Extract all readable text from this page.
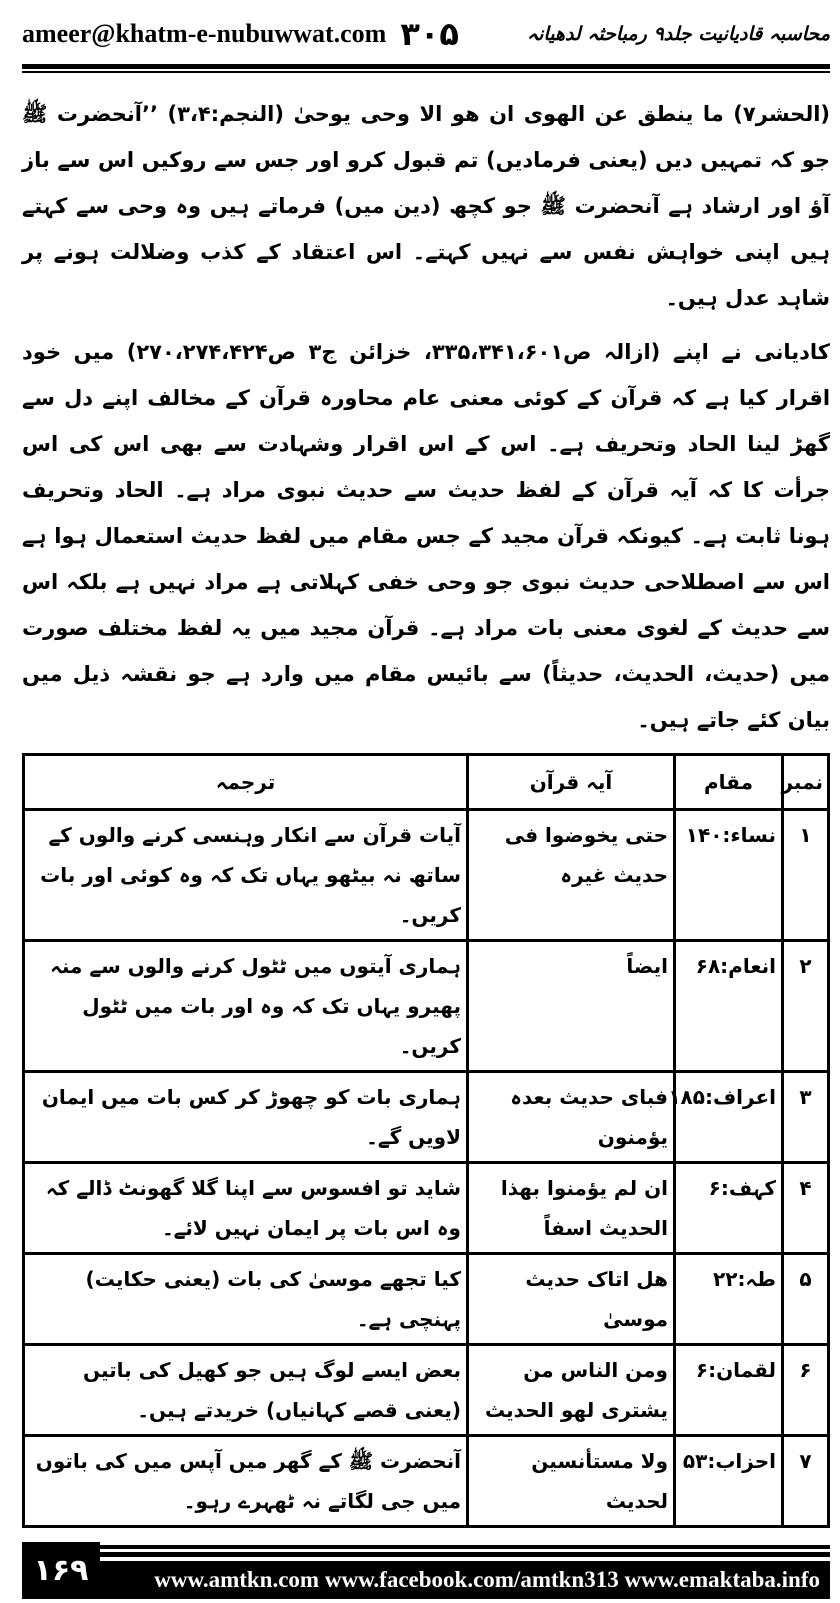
ameer@khatm-e-nubuwwat.com ۳۰۵	محاسبہ قادیانیت جلد۹ رمباحثہ لدھیانہ
(الحشر۷) ما ینطق عن الھوی ان ھو الا وحی یوحیٰ (النجم:۳،۴) ’’آنحضرت ﷺ جو کہ تمہیں دیں (یعنی فرمادیں) تم قبول کرو اور جس سے روکیں اس سے باز آؤ اور ارشاد ہے آنحضرت ﷺ جو کچھ (دین میں) فرماتے ہیں وہ وحی سے کہتے ہیں اپنی خواہش نفس سے نہیں کہتے۔ اس اعتقاد کے کذب وضلالت ہونے پر شاہد عدل ہیں۔
کادیانی نے اپنے (ازالہ ص۳۳۵،۳۴۱،۶۰۱، خزائن ج۳ ص۲۷۰،۲۷۴،۴۲۴) میں خود اقرار کیا ہے کہ قرآن کے کوئی معنی عام محاورہ قرآن کے مخالف اپنے دل سے گھڑ لینا الحاد وتحریف ہے۔ اس کے اس اقرار وشہادت سے بھی اس کی اس جرأت کا کہ آیہ قرآن کے لفظ حدیث سے حدیث نبوی مراد ہے۔ الحاد وتحریف ہونا ثابت ہے۔ کیونکہ قرآن مجید کے جس مقام میں لفظ حدیث استعمال ہوا ہے اس سے اصطلاحی حدیث نبوی جو وحی خفی کہلاتی ہے مراد نہیں ہے بلکہ اس سے حدیث کے لغوی معنی بات مراد ہے۔ قرآن مجید میں یہ لفظ مختلف صورت میں (حدیث، الحدیث، حدیثاً) سے بائیس مقام میں وارد ہے جو نقشہ ذیل میں بیان کئے جاتے ہیں۔
نمبر	مقام	آیہ قرآن	ترجمہ
۱	نساء:۱۴۰	حتی یخوضوا فی حدیث غیرہ	آیات قرآن سے انکار وہنسی کرنے والوں کے ساتھ نہ بیٹھو یہاں تک کہ وہ کوئی اور بات کریں۔
۲	انعام:۶۸	ایضاً	ہماری آیتوں میں ٹٹول کرنے والوں سے منہ پھیرو یہاں تک کہ وہ اور بات میں ٹٹول کریں۔
۳	اعراف:۱۸۵	فبای حدیث بعدہ یؤمنون	ہماری بات کو چھوڑ کر کس بات میں ایمان لاویں گے۔
۴	کہف:۶	ان لم یؤمنوا بھذا الحدیث اسفاً	شاید تو افسوس سے اپنا گلا گھونٹ ڈالے کہ وہ اس بات پر ایمان نہیں لائے۔
۵	طہ:۲۲	ھل اتاک حدیث موسیٰ	کیا تجھے موسیٰ کی بات (یعنی حکایت) پہنچی ہے۔
۶	لقمان:۶	ومن الناس من یشتری لھو الحدیث	بعض ایسے لوگ ہیں جو کھیل کی باتیں (یعنی قصے کہانیاں) خریدتے ہیں۔
۷	احزاب:۵۳	ولا مستأنسین لحدیث	آنحضرت ﷺ کے گھر میں آپس میں کی باتوں میں جی لگاتے نہ ٹھہرے رہو۔
۱۶۹	www.amtkn.com www.facebook.com/amtkn313 www.emaktaba.info
